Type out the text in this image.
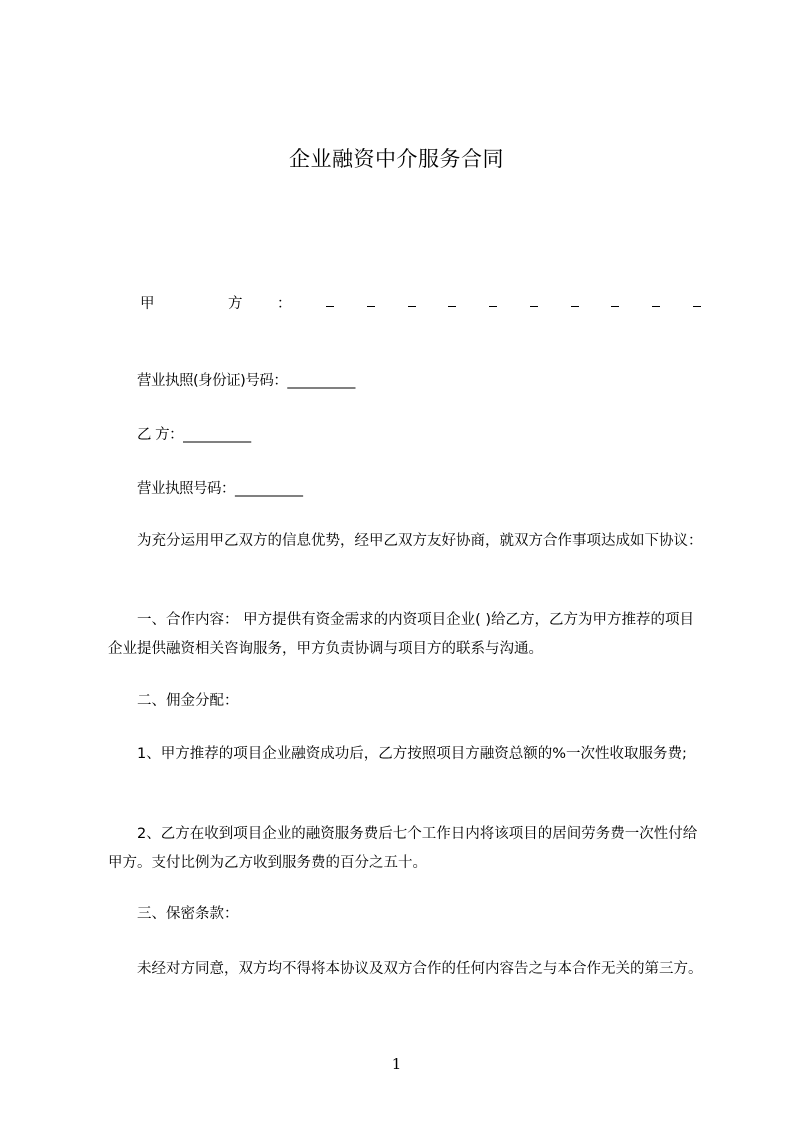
企业融资中介服务合同
甲	方 ：
营业执照(身份证)号码：__________
乙 方：__________
营业执照号码：__________
为充分运用甲乙双方的信息优势，经甲乙双方友好协商，就双方合作事项达成如下协议：
一、合作内容： 甲方提供有资金需求的内资项目企业( )给乙方，乙方为甲方推荐的项目企业提供融资相关咨询服务，甲方负责协调与项目方的联系与沟通。
二、佣金分配：
1、甲方推荐的项目企业融资成功后，乙方按照项目方融资总额的%一次性收取服务费;
2、乙方在收到项目企业的融资服务费后七个工作日内将该项目的居间劳务费一次性付给甲方。支付比例为乙方收到服务费的百分之五十。
三、保密条款：
未经对方同意，双方均不得将本协议及双方合作的任何内容告之与本合作无关的第三方。
1
